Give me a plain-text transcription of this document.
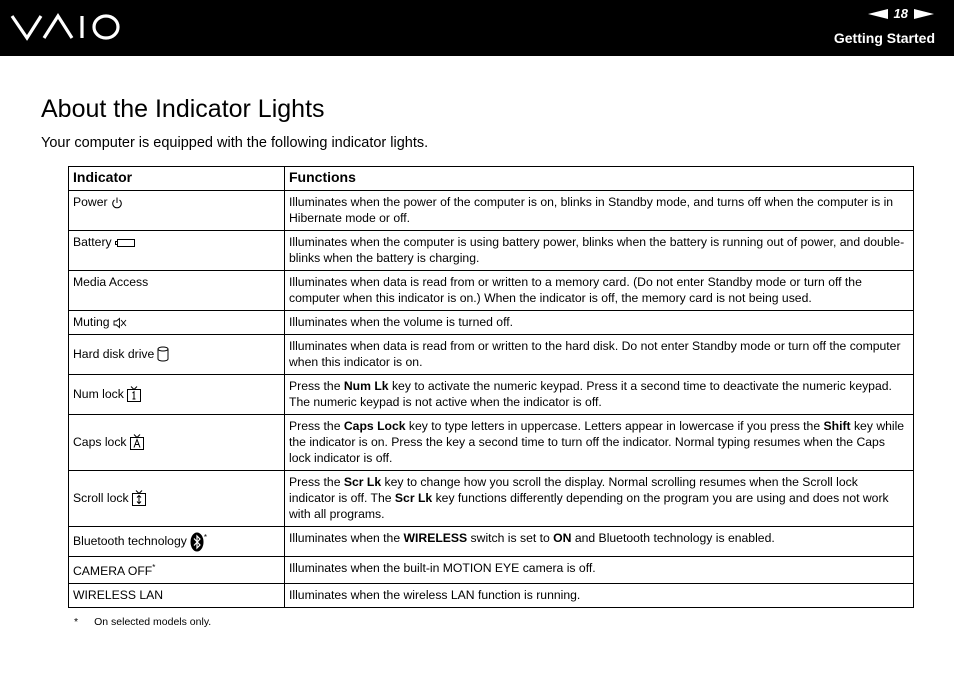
18
Getting Started
About the Indicator Lights

Your computer is equipped with the following indicator lights.

Indicator	Functions
Power	Illuminates when the power of the computer is on, blinks in Standby mode, and turns off when the computer is in Hibernate mode or off.
Battery	Illuminates when the computer is using battery power, blinks when the battery is running out of power, and double-blinks when the battery is charging.
Media Access	Illuminates when data is read from or written to a memory card. (Do not enter Standby mode or turn off the computer when this indicator is on.) When the indicator is off, the memory card is not being used.
Muting	Illuminates when the volume is turned off.
Hard disk drive	Illuminates when data is read from or written to the hard disk. Do not enter Standby mode or turn off the computer when this indicator is on.
Num lock	Press the Num Lk key to activate the numeric keypad. Press it a second time to deactivate the numeric keypad. The numeric keypad is not active when the indicator is off.
Caps lock	Press the Caps Lock key to type letters in uppercase. Letters appear in lowercase if you press the Shift key while the indicator is on. Press the key a second time to turn off the indicator. Normal typing resumes when the Caps lock indicator is off.
Scroll lock	Press the Scr Lk key to change how you scroll the display. Normal scrolling resumes when the Scroll lock indicator is off. The Scr Lk key functions differently depending on the program you are using and does not work with all programs.
Bluetooth technology *	Illuminates when the WIRELESS switch is set to ON and Bluetooth technology is enabled.
CAMERA OFF*	Illuminates when the built-in MOTION EYE camera is off.
WIRELESS LAN	Illuminates when the wireless LAN function is running.
* On selected models only.
